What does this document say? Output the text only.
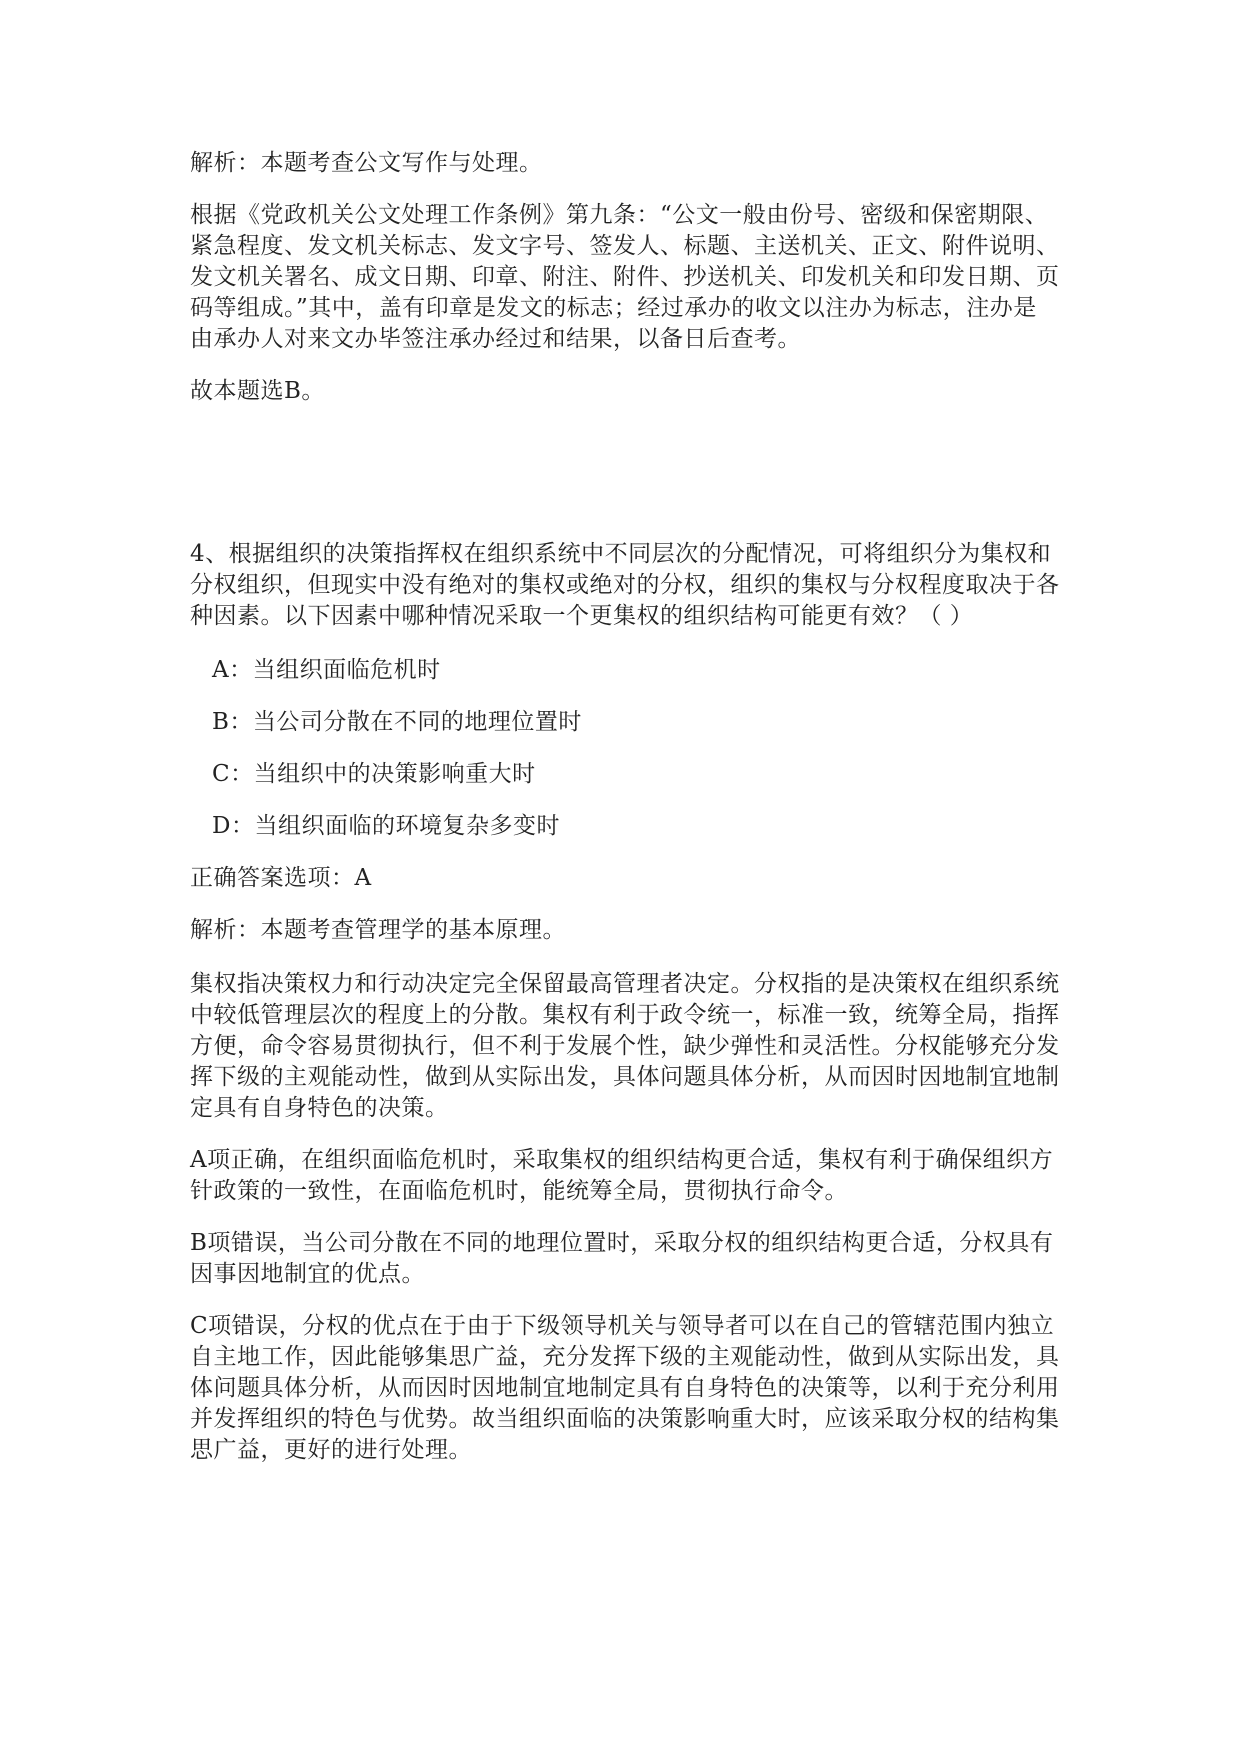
解析：本题考查公文写作与处理。

根据《党政机关公文处理工作条例》第九条：“公文一般由份号、密级和保密期限、紧急程度、发文机关标志、发文字号、签发人、标题、主送机关、正文、附件说明、发文机关署名、成文日期、印章、附注、附件、抄送机关、印发机关和印发日期、页码等组成。”其中，盖有印章是发文的标志；经过承办的收文以注办为标志，注办是由承办人对来文办毕签注承办经过和结果，以备日后查考。

故本题选B。

4、根据组织的决策指挥权在组织系统中不同层次的分配情况，可将组织分为集权和分权组织，但现实中没有绝对的集权或绝对的分权，组织的集权与分权程度取决于各种因素。以下因素中哪种情况采取一个更集权的组织结构可能更有效？（ ）

A：当组织面临危机时

B：当公司分散在不同的地理位置时

C：当组织中的决策影响重大时

D：当组织面临的环境复杂多变时

正确答案选项：A

解析：本题考查管理学的基本原理。

集权指决策权力和行动决定完全保留最高管理者决定。分权指的是决策权在组织系统中较低管理层次的程度上的分散。集权有利于政令统一，标准一致，统筹全局，指挥方便，命令容易贯彻执行，但不利于发展个性，缺少弹性和灵活性。分权能够充分发挥下级的主观能动性，做到从实际出发，具体问题具体分析，从而因时因地制宜地制定具有自身特色的决策。

A项正确，在组织面临危机时，采取集权的组织结构更合适，集权有利于确保组织方针政策的一致性，在面临危机时，能统筹全局，贯彻执行命令。

B项错误，当公司分散在不同的地理位置时，采取分权的组织结构更合适，分权具有因事因地制宜的优点。

C项错误，分权的优点在于由于下级领导机关与领导者可以在自己的管辖范围内独立自主地工作，因此能够集思广益，充分发挥下级的主观能动性，做到从实际出发，具体问题具体分析，从而因时因地制宜地制定具有自身特色的决策等，以利于充分利用并发挥组织的特色与优势。故当组织面临的决策影响重大时，应该采取分权的结构集思广益，更好的进行处理。
